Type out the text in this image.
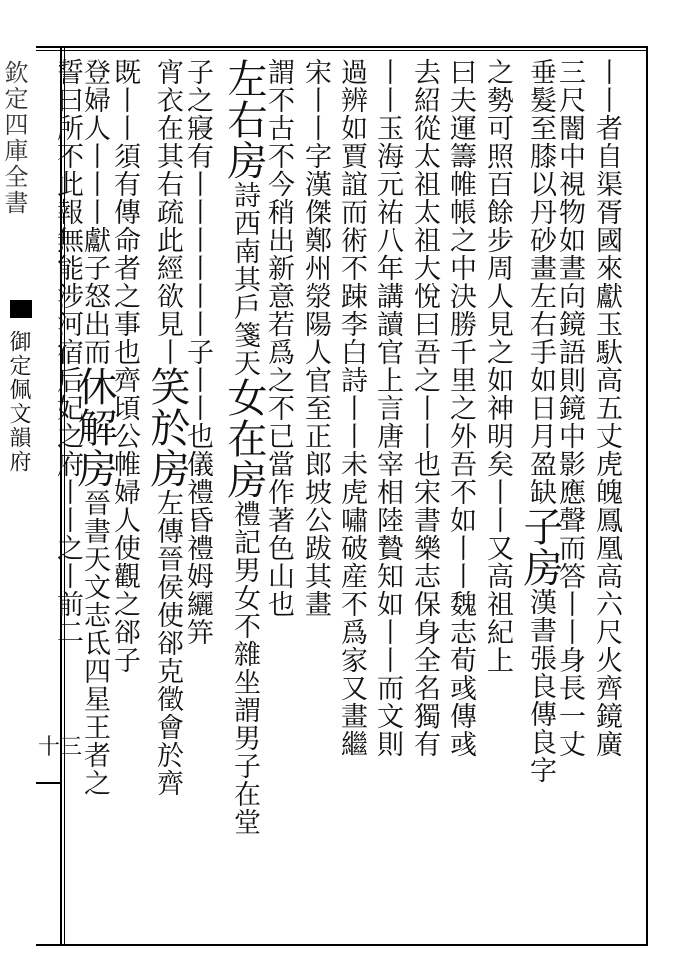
欽定四庫全書
御定佩文韻府
十三	丨丨者自渠胥國來獻玉馱高五丈虎魄鳳凰高六尺火齊鏡廣
三尺闇中視物如晝向鏡語則鏡中影應聲而答丨丨身長一丈
垂髮至膝以丹砂畫左右手如日月盈缺子房漢書張良傳良字
之勢可照百餘步周人見之如神明矣丨丨又高祖紀上
曰夫運籌帷帳之中決勝千里之外吾不如丨丨魏志荀彧傳彧
去紹從太祖太祖大悅曰吾之丨丨也宋書樂志保身全名獨有
丨丨玉海元祐八年講讀官上言唐宰相陸贄知如丨丨而文則
過辨如賈誼而術不踈李白詩丨丨未虎嘯破産不爲家又畫繼
宋丨丨字漢傑鄭州滎陽人官至正郎坡公跋其畫
謂不古不今稍出新意若爲之不已當作著色山也
左右房詩西南其戶箋天女在房禮記男女不雜坐謂男子在堂
子之寢有丨丨丨丨丨丨子丨丨也儀禮昏禮姆纚笄
宵衣在其右疏此經欲見丨笑於房左傳晉侯使郤克徵會於齊
既丨丨須有傳命者之事也齊頃公帷婦人使觀之郤子
登婦人丨丨丨獻子怒出而休解房晉書天文志氐四星王者之
誓曰所不此報無能涉河宿后妃之府丨丨之丨前二
